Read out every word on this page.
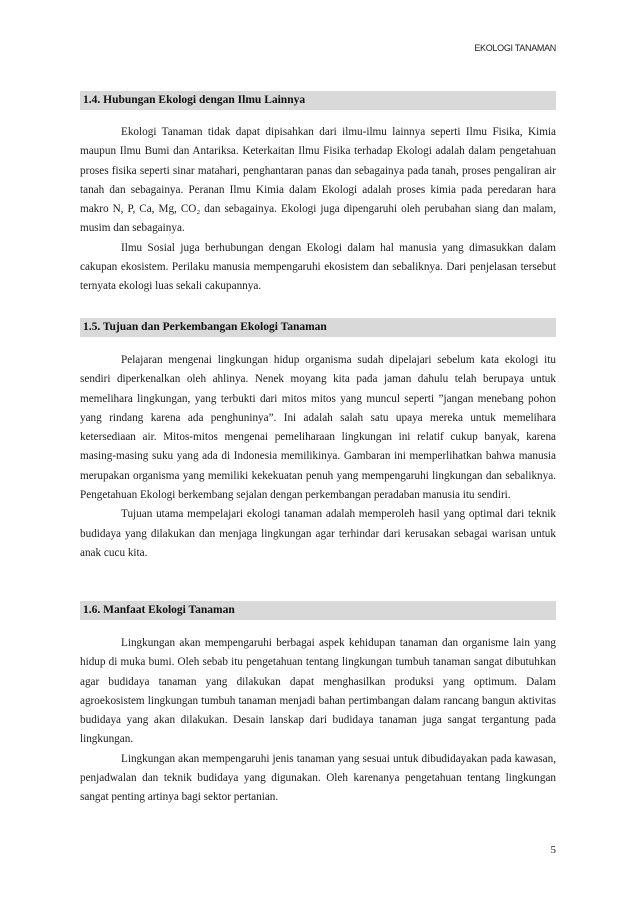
EKOLOGI TANAMAN
1.4. Hubungan Ekologi dengan Ilmu Lainnya

Ekologi Tanaman tidak dapat dipisahkan dari ilmu-ilmu lainnya seperti Ilmu Fisika, Kimia maupun Ilmu Bumi dan Antariksa. Keterkaitan Ilmu Fisika terhadap Ekologi adalah dalam pengetahuan proses fisika seperti sinar matahari, penghantaran panas dan sebagainya pada tanah, proses pengaliran air tanah dan sebagainya. Peranan Ilmu Kimia dalam Ekologi adalah proses kimia pada peredaran hara makro N, P, Ca, Mg, CO₂ dan sebagainya. Ekologi juga dipengaruhi oleh perubahan siang dan malam, musim dan sebagainya.

Ilmu Sosial juga berhubungan dengan Ekologi dalam hal manusia yang dimasukkan dalam cakupan ekosistem. Perilaku manusia mempengaruhi ekosistem dan sebaliknya. Dari penjelasan tersebut ternyata ekologi luas sekali cakupannya.

1.5. Tujuan dan Perkembangan Ekologi Tanaman

Pelajaran mengenai lingkungan hidup organisma sudah dipelajari sebelum kata ekologi itu sendiri diperkenalkan oleh ahlinya. Nenek moyang kita pada jaman dahulu telah berupaya untuk memelihara lingkungan, yang terbukti dari mitos mitos yang muncul seperti ”jangan menebang pohon yang rindang karena ada penghuninya”. Ini adalah salah satu upaya mereka untuk memelihara ketersediaan air. Mitos-mitos mengenai pemeliharaan lingkungan ini relatif cukup banyak, karena masing-masing suku yang ada di Indonesia memilikinya. Gambaran ini memperlihatkan bahwa manusia merupakan organisma yang memiliki kekekuatan penuh yang mempengaruhi lingkungan dan sebaliknya. Pengetahuan Ekologi berkembang sejalan dengan perkembangan peradaban manusia itu sendiri.

Tujuan utama mempelajari ekologi tanaman adalah memperoleh hasil yang optimal dari teknik budidaya yang dilakukan dan menjaga lingkungan agar terhindar dari kerusakan sebagai warisan untuk anak cucu kita.

1.6. Manfaat Ekologi Tanaman

Lingkungan akan mempengaruhi berbagai aspek kehidupan tanaman dan organisme lain yang hidup di muka bumi. Oleh sebab itu pengetahuan tentang lingkungan tumbuh tanaman sangat dibutuhkan agar budidaya tanaman yang dilakukan dapat menghasilkan produksi yang optimum. Dalam agroekosistem lingkungan tumbuh tanaman menjadi bahan pertimbangan dalam rancang bangun aktivitas budidaya yang akan dilakukan. Desain lanskap dari budidaya tanaman juga sangat tergantung pada lingkungan.

Lingkungan akan mempengaruhi jenis tanaman yang sesuai untuk dibudidayakan pada kawasan, penjadwalan dan teknik budidaya yang digunakan. Oleh karenanya pengetahuan tentang lingkungan sangat penting artinya bagi sektor pertanian.

5
